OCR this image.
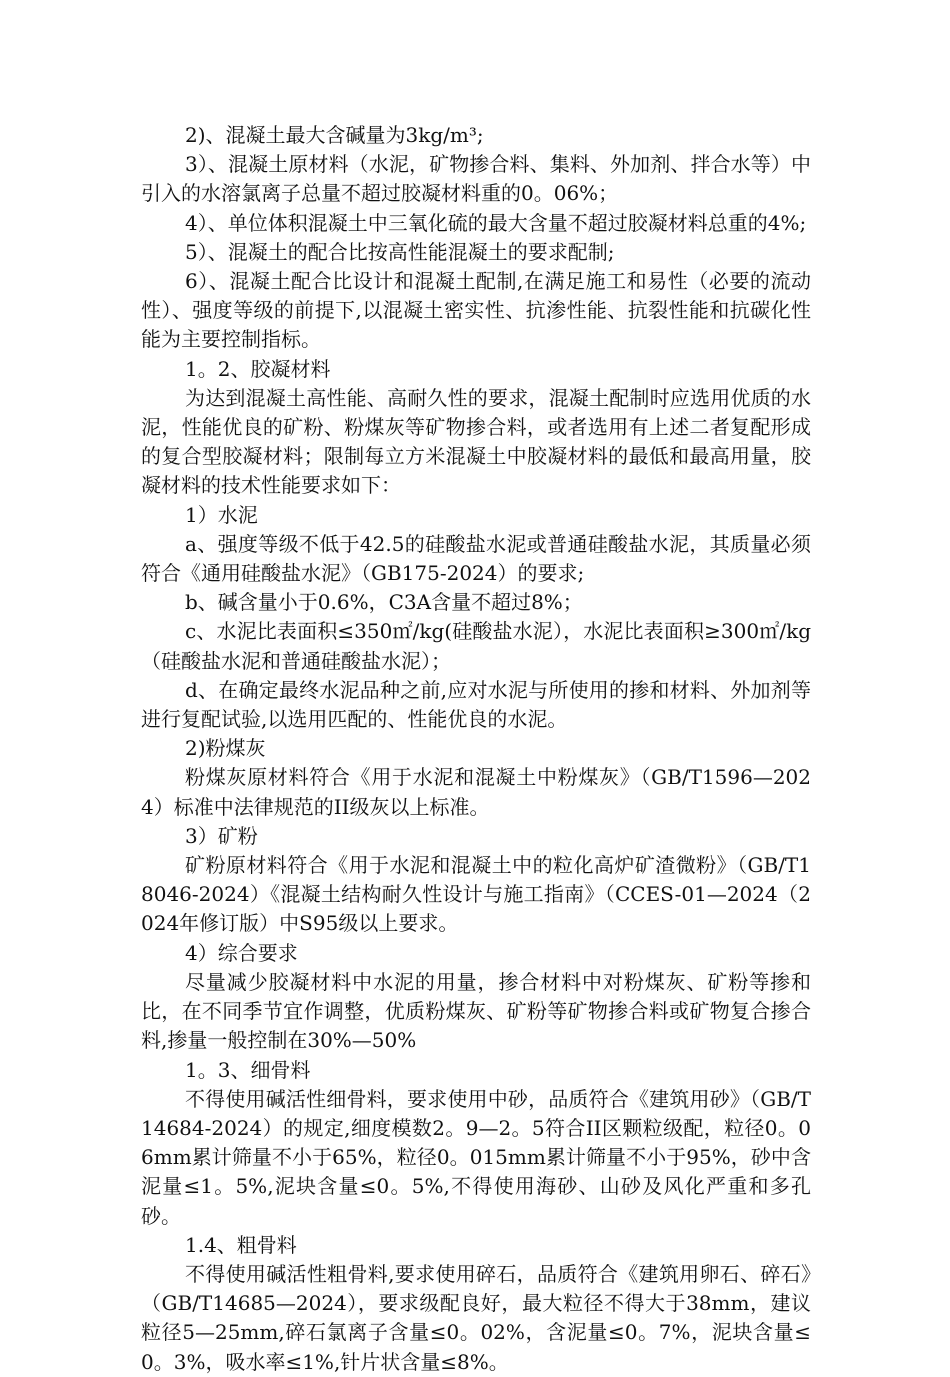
2)、混凝土最大含碱量为3kg/m³;

3）、混凝土原材料（水泥，矿物掺合料、集料、外加剂、拌合水等）中引入的水溶氯离子总量不超过胶凝材料重的0。06%；

4）、单位体积混凝土中三氧化硫的最大含量不超过胶凝材料总重的4%;

5）、混凝土的配合比按高性能混凝土的要求配制;

6）、混凝土配合比设计和混凝土配制,在满足施工和易性（必要的流动性）、强度等级的前提下,以混凝土密实性、抗渗性能、抗裂性能和抗碳化性能为主要控制指标。

1。2、胶凝材料

为达到混凝土高性能、高耐久性的要求，混凝土配制时应选用优质的水泥，性能优良的矿粉、粉煤灰等矿物掺合料，或者选用有上述二者复配形成的复合型胶凝材料；限制每立方米混凝土中胶凝材料的最低和最高用量，胶凝材料的技术性能要求如下：

1）水泥

a、强度等级不低于42.5的硅酸盐水泥或普通硅酸盐水泥，其质量必须符合《通用硅酸盐水泥》（GB175-2024）的要求;

b、碱含量小于0.6%，C3A含量不超过8%；

c、水泥比表面积≤350㎡/kg(硅酸盐水泥），水泥比表面积≥300㎡/kg（硅酸盐水泥和普通硅酸盐水泥）；

d、在确定最终水泥品种之前,应对水泥与所使用的掺和材料、外加剂等进行复配试验,以选用匹配的、性能优良的水泥。

2)粉煤灰

粉煤灰原材料符合《用于水泥和混凝土中粉煤灰》（GB/T1596—2024）标准中法律规范的II级灰以上标准。

3）矿粉

矿粉原材料符合《用于水泥和混凝土中的粒化高炉矿渣微粉》（GB/T18046-2024）《混凝土结构耐久性设计与施工指南》（CCES-01—2024（2024年修订版）中S95级以上要求。

4）综合要求

尽量减少胶凝材料中水泥的用量，掺合材料中对粉煤灰、矿粉等掺和比，在不同季节宜作调整，优质粉煤灰、矿粉等矿物掺合料或矿物复合掺合料,掺量一般控制在30%—50%

1。3、细骨料

不得使用碱活性细骨料，要求使用中砂，品质符合《建筑用砂》（GB/T14684-2024）的规定,细度模数2。9—2。5符合II区颗粒级配，粒径0。06mm累计筛量不小于65%，粒径0。015mm累计筛量不小于95%，砂中含泥量≤1。5%,泥块含量≤0。5%,不得使用海砂、山砂及风化严重和多孔砂。

1.4、粗骨料

不得使用碱活性粗骨料,要求使用碎石，品质符合《建筑用卵石、碎石》（GB/T14685—2024），要求级配良好，最大粒径不得大于38mm，建议粒径5—25mm,碎石氯离子含量≤0。02%，含泥量≤0。7%，泥块含量≤0。3%，吸水率≤1%,针片状含量≤8%。
